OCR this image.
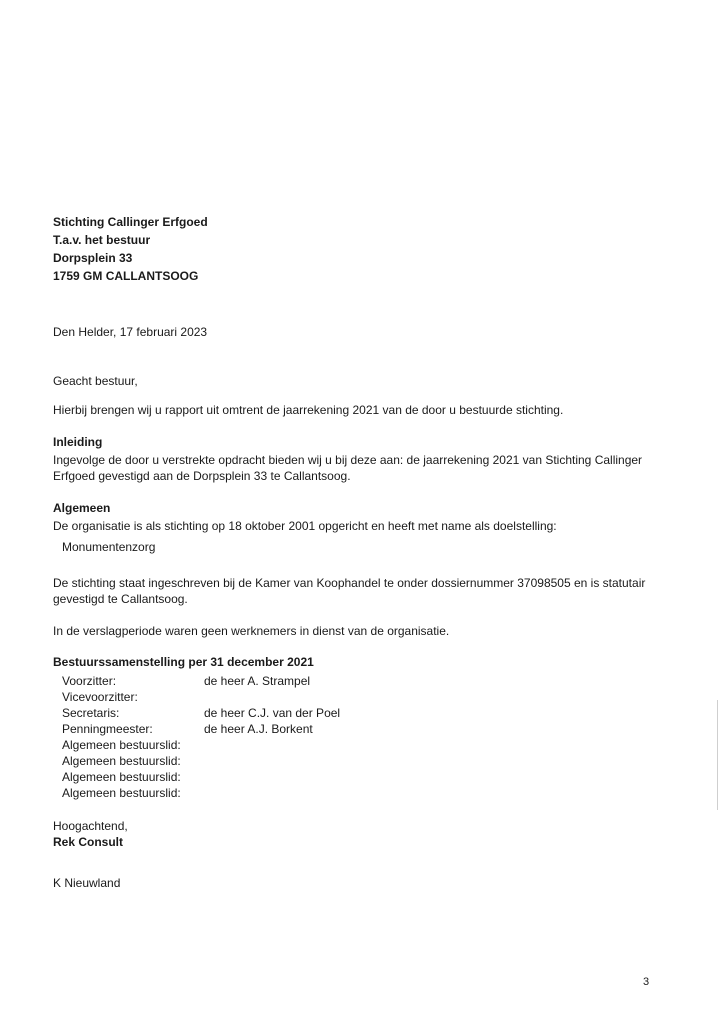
Stichting Callinger Erfgoed
T.a.v. het bestuur
Dorpsplein 33
1759 GM CALLANTSOOG
Den Helder, 17 februari 2023
Geacht bestuur,
Hierbij brengen wij u rapport uit omtrent de jaarrekening 2021 van de door u bestuurde stichting.
Inleiding
Ingevolge de door u verstrekte opdracht bieden wij u bij deze aan: de jaarrekening 2021 van Stichting Callinger Erfgoed gevestigd aan de Dorpsplein 33 te Callantsoog.
Algemeen
De organisatie is als stichting op 18 oktober 2001 opgericht en heeft met name als doelstelling:
Monumentenzorg
De stichting staat ingeschreven bij de Kamer van Koophandel te onder dossiernummer 37098505 en is statutair gevestigd te Callantsoog.
In de verslagperiode waren geen werknemers in dienst van de organisatie.
Bestuurssamenstelling per 31 december 2021
Voorzitter:	de heer A. Strampel
Vicevoorzitter:
Secretaris:	de heer C.J. van der Poel
Penningmeester:	de heer A.J. Borkent
Algemeen bestuurslid:
Algemeen bestuurslid:
Algemeen bestuurslid:
Algemeen bestuurslid:
Hoogachtend,
Rek Consult
K Nieuwland
3
